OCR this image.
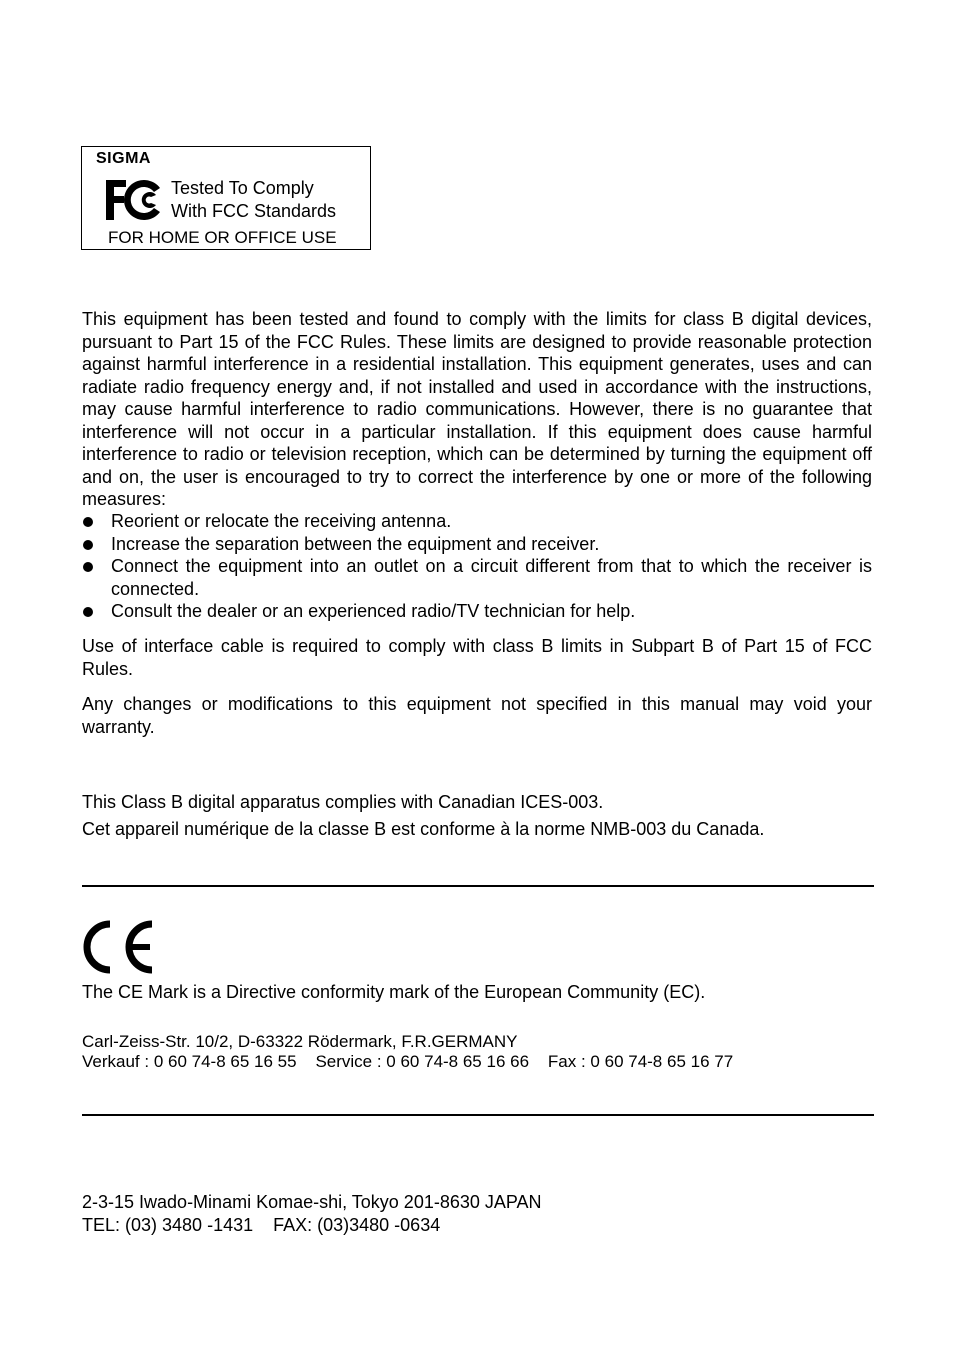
SIGMA
Tested To Comply
With FCC Standards
FOR HOME OR OFFICE USE

This equipment has been tested and found to comply with the limits for class B digital devices, pursuant to Part 15 of the FCC Rules. These limits are designed to provide reasonable protection against harmful interference in a residential installation. This equipment generates, uses and can radiate radio frequency energy and, if not installed and used in accordance with the instructions, may cause harmful interference to radio communications. However, there is no guarantee that interference will not occur in a particular installation. If this equipment does cause harmful interference to radio or television reception, which can be determined by turning the equipment off and on, the user is encouraged to try to correct the interference by one or more of the following measures:

Reorient or relocate the receiving antenna.
Increase the separation between the equipment and receiver.
Connect the equipment into an outlet on a circuit different from that to which the receiver is connected.
Consult the dealer or an experienced radio/TV technician for help.

Use of interface cable is required to comply with class B limits in Subpart B of Part 15 of FCC Rules.

Any changes or modifications to this equipment not specified in this manual may void your warranty.

This Class B digital apparatus complies with Canadian ICES-003.

Cet appareil numérique de la classe B est conforme à la norme NMB-003 du Canada.

The CE Mark is a Directive conformity mark of the European Community (EC).

Carl-Zeiss-Str. 10/2, D-63322 Rödermark, F.R.GERMANY

Verkauf : 0 60 74-8 65 16 55    Service : 0 60 74-8 65 16 66    Fax : 0 60 74-8 65 16 77

2-3-15 Iwado-Minami Komae-shi, Tokyo 201-8630 JAPAN

TEL: (03) 3480 -1431    FAX: (03)3480 -0634
